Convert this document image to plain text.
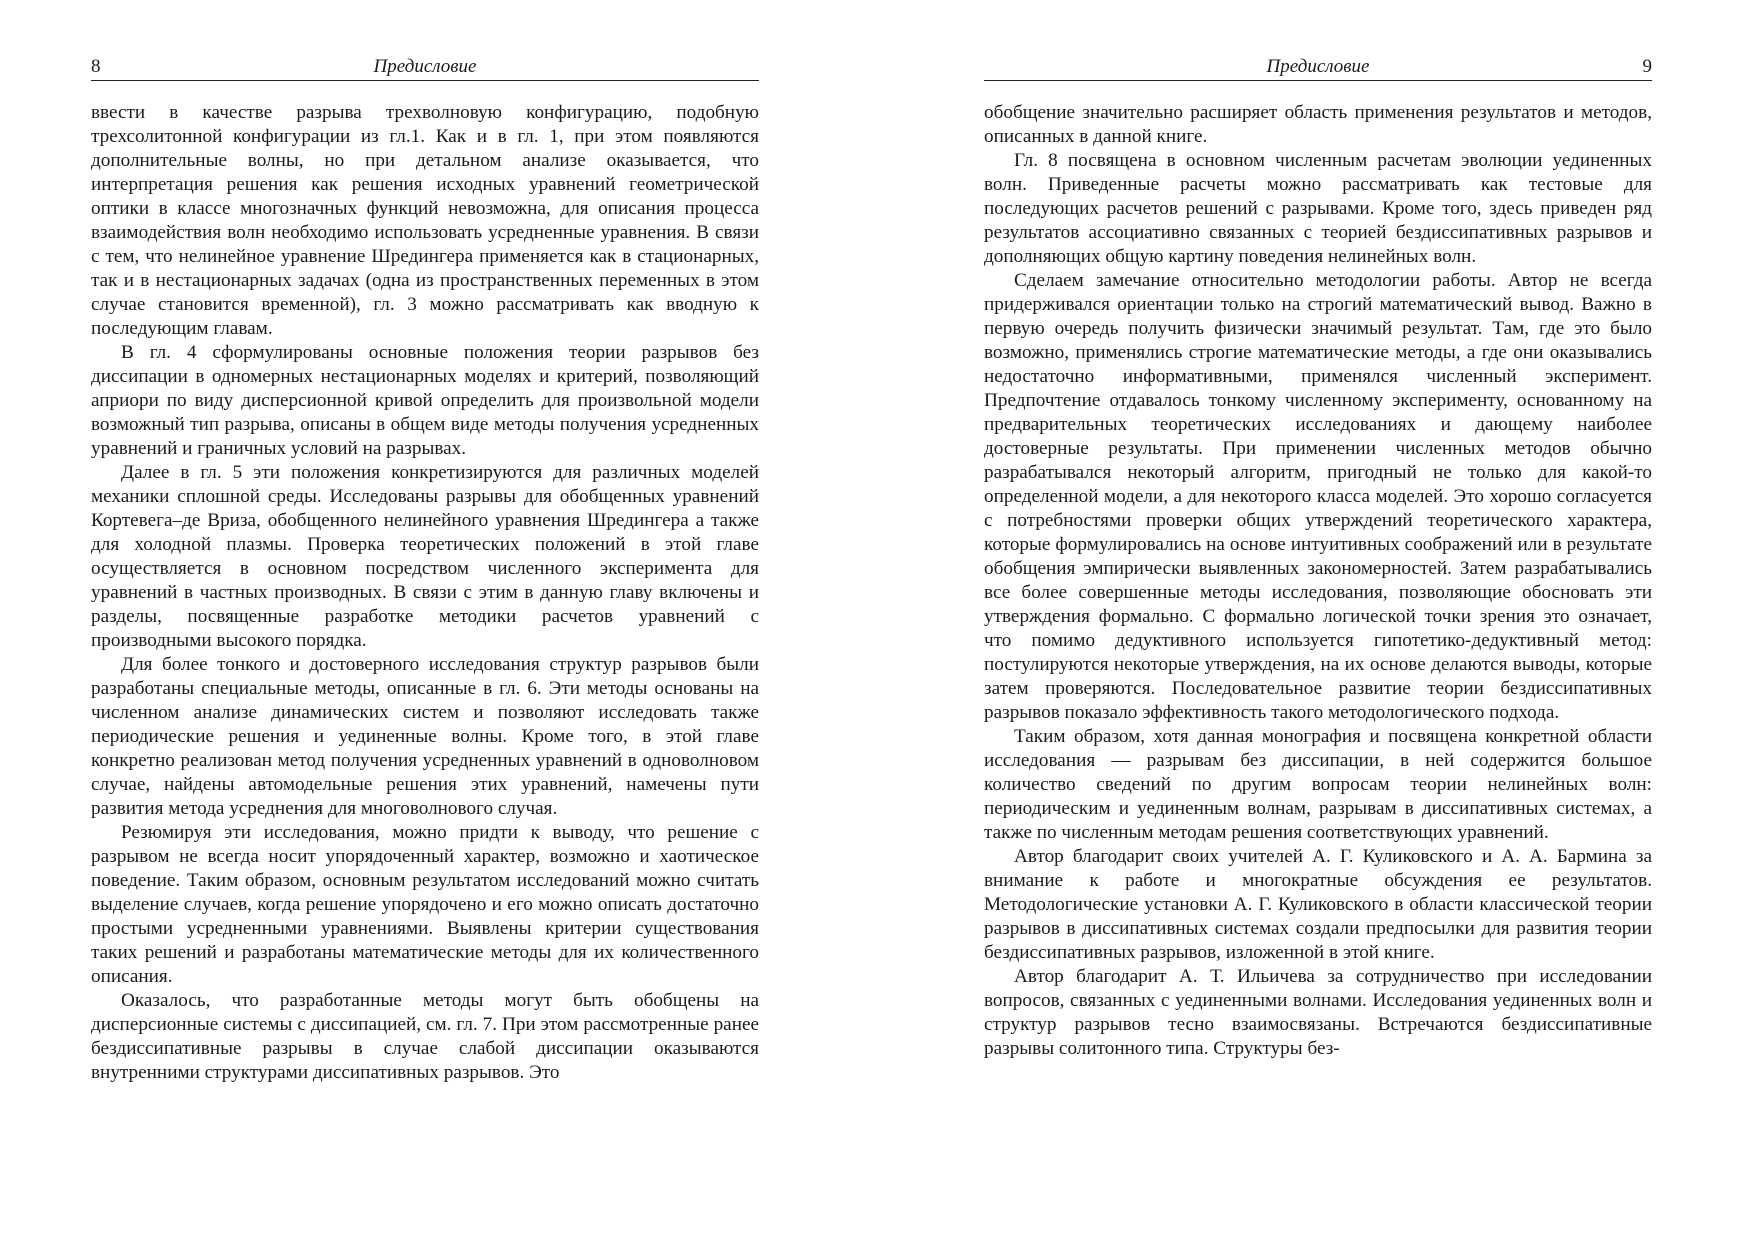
8	Предисловие

ввести в качестве разрыва трехволновую конфигурацию, подобную трехсолитонной конфигурации из гл.1. Как и в гл. 1, при этом появляются дополнительные волны, но при детальном анализе оказывается, что интерпретация решения как решения исходных уравнений геометрической оптики в классе многозначных функций невозможна, для описания процесса взаимодействия волн необходимо использовать усредненные уравнения. В связи с тем, что нелинейное уравнение Шредингера применяется как в стационарных, так и в нестационарных задачах (одна из пространственных переменных в этом случае становится временной), гл. 3 можно рассматривать как вводную к последующим главам.

В гл. 4 сформулированы основные положения теории разрывов без диссипации в одномерных нестационарных моделях и критерий, позволяющий априори по виду дисперсионной кривой определить для произвольной модели возможный тип разрыва, описаны в общем виде методы получения усредненных уравнений и граничных условий на разрывах.

Далее в гл. 5 эти положения конкретизируются для различных моделей механики сплошной среды. Исследованы разрывы для обобщенных уравнений Кортевега–де Вриза, обобщенного нелинейного уравнения Шредингера а также для холодной плазмы. Проверка теоретических положений в этой главе осуществляется в основном посредством численного эксперимента для уравнений в частных производных. В связи с этим в данную главу включены и разделы, посвященные разработке методики расчетов уравнений с производными высокого порядка.

Для более тонкого и достоверного исследования структур разрывов были разработаны специальные методы, описанные в гл. 6. Эти методы основаны на численном анализе динамических систем и позволяют исследовать также периодические решения и уединенные волны. Кроме того, в этой главе конкретно реализован метод получения усредненных уравнений в одноволновом случае, найдены автомодельные решения этих уравнений, намечены пути развития метода усреднения для многоволнового случая.

Резюмируя эти исследования, можно придти к выводу, что решение с разрывом не всегда носит упорядоченный характер, возможно и хаотическое поведение. Таким образом, основным результатом исследований можно считать выделение случаев, когда решение упорядочено и его можно описать достаточно простыми усредненными уравнениями. Выявлены критерии существования таких решений и разработаны математические методы для их количественного описания.

Оказалось, что разработанные методы могут быть обобщены на дисперсионные системы с диссипацией, см. гл. 7. При этом рассмотренные ранее бездиссипативные разрывы в случае слабой диссипации оказываются внутренними структурами диссипативных разрывов. Это

Предисловие	9

обобщение значительно расширяет область применения результатов и методов, описанных в данной книге.

Гл. 8 посвящена в основном численным расчетам эволюции уединенных волн. Приведенные расчеты можно рассматривать как тестовые для последующих расчетов решений с разрывами. Кроме того, здесь приведен ряд результатов ассоциативно связанных с теорией бездиссипативных разрывов и дополняющих общую картину поведения нелинейных волн.

Сделаем замечание относительно методологии работы. Автор не всегда придерживался ориентации только на строгий математический вывод. Важно в первую очередь получить физически значимый результат. Там, где это было возможно, применялись строгие математические методы, а где они оказывались недостаточно информативными, применялся численный эксперимент. Предпочтение отдавалось тонкому численному эксперименту, основанному на предварительных теоретических исследованиях и дающему наиболее достоверные результаты. При применении численных методов обычно разрабатывался некоторый алгоритм, пригодный не только для какой-то определенной модели, а для некоторого класса моделей. Это хорошо согласуется с потребностями проверки общих утверждений теоретического характера, которые формулировались на основе интуитивных соображений или в результате обобщения эмпирически выявленных закономерностей. Затем разрабатывались все более совершенные методы исследования, позволяющие обосновать эти утверждения формально. С формально логической точки зрения это означает, что помимо дедуктивного используется гипотетико-дедуктивный метод: постулируются некоторые утверждения, на их основе делаются выводы, которые затем проверяются. Последовательное развитие теории бездиссипативных разрывов показало эффективность такого методологического подхода.

Таким образом, хотя данная монография и посвящена конкретной области исследования — разрывам без диссипации, в ней содержится большое количество сведений по другим вопросам теории нелинейных волн: периодическим и уединенным волнам, разрывам в диссипативных системах, а также по численным методам решения соответствующих уравнений.

Автор благодарит своих учителей А. Г. Куликовского и А. А. Бармина за внимание к работе и многократные обсуждения ее результатов. Методологические установки А. Г. Куликовского в области классической теории разрывов в диссипативных системах создали предпосылки для развития теории бездиссипативных разрывов, изложенной в этой книге.

Автор благодарит А. Т. Ильичева за сотрудничество при исследовании вопросов, связанных с уединенными волнами. Исследования уединенных волн и структур разрывов тесно взаимосвязаны. Встречаются бездиссипативные разрывы солитонного типа. Структуры без-
